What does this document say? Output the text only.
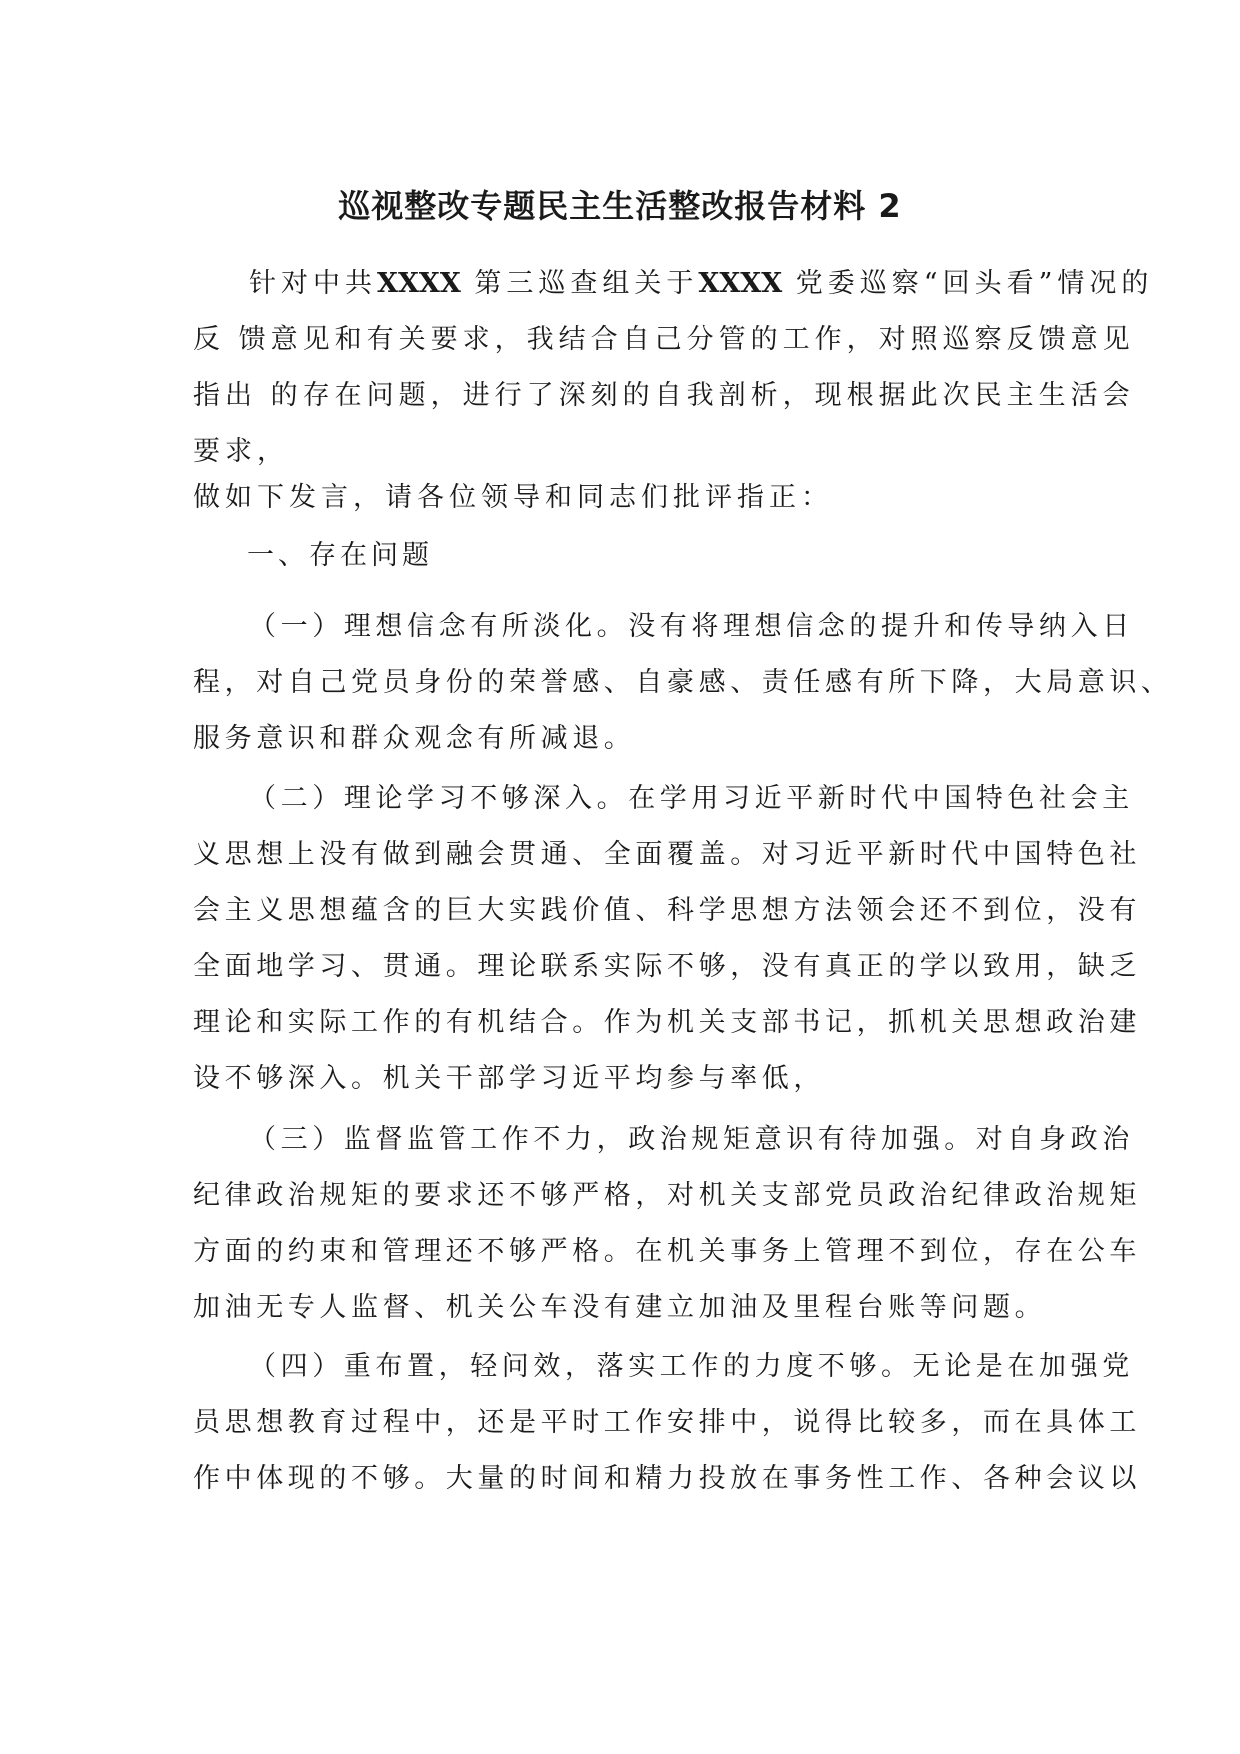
巡视整改专题民主生活整改报告材料 2
针对中共XXXX 第三巡查组关于XXXX 党委巡察“回头看”情况的
反 馈意见和有关要求，我结合自己分管的工作，对照巡察反馈意见
指出 的存在问题，进行了深刻的自我剖析，现根据此次民主生活会
要求，
做如下发言，请各位领导和同志们批评指正：
一、存在问题
（一）理想信念有所淡化。没有将理想信念的提升和传导纳入日
程，对自己党员身份的荣誉感、自豪感、责任感有所下降，大局意识、
服务意识和群众观念有所减退。
（二）理论学习不够深入。在学用习近平新时代中国特色社会主
义思想上没有做到融会贯通、全面覆盖。对习近平新时代中国特色社
会主义思想蕴含的巨大实践价值、科学思想方法领会还不到位，没有
全面地学习、贯通。理论联系实际不够，没有真正的学以致用，缺乏
理论和实际工作的有机结合。作为机关支部书记，抓机关思想政治建
设不够深入。机关干部学习近平均参与率低，
（三）监督监管工作不力，政治规矩意识有待加强。对自身政治
纪律政治规矩的要求还不够严格，对机关支部党员政治纪律政治规矩
方面的约束和管理还不够严格。在机关事务上管理不到位，存在公车
加油无专人监督、机关公车没有建立加油及里程台账等问题。
（四）重布置，轻问效，落实工作的力度不够。无论是在加强党
员思想教育过程中，还是平时工作安排中，说得比较多，而在具体工
作中体现的不够。大量的时间和精力投放在事务性工作、各种会议以
